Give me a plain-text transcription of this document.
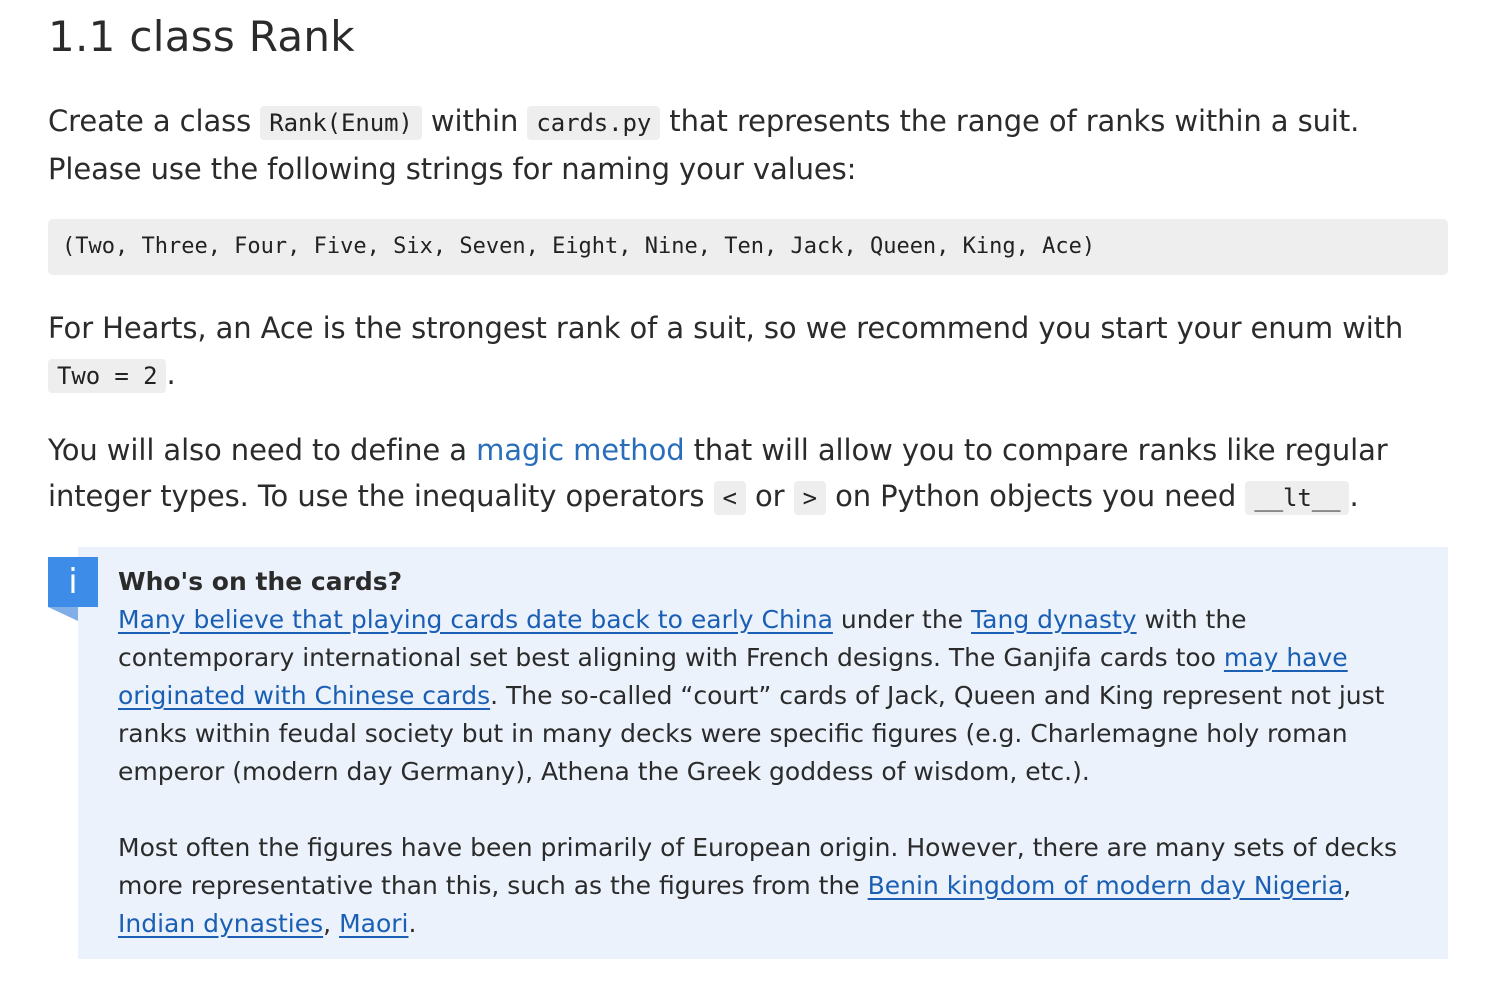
1.1 class Rank

Create a class Rank(Enum) within cards.py that represents the range of ranks within a suit. Please use the following strings for naming your values:

(Two, Three, Four, Five, Six, Seven, Eight, Nine, Ten, Jack, Queen, King, Ace)

For Hearts, an Ace is the strongest rank of a suit, so we recommend you start your enum with Two = 2 .

You will also need to define a magic method that will allow you to compare ranks like regular integer types. To use the inequality operators < or > on Python objects you need __lt__ .

i	Who's on the cards?

Many believe that playing cards date back to early China under the Tang dynasty with the contemporary international set best aligning with French designs. The Ganjifa cards too may have originated with Chinese cards. The so-called “court” cards of Jack, Queen and King represent not just ranks within feudal society but in many decks were specific figures (e.g. Charlemagne holy roman emperor (modern day Germany), Athena the Greek goddess of wisdom, etc.).

Most often the figures have been primarily of European origin. However, there are many sets of decks more representative than this, such as the figures from the Benin kingdom of modern day Nigeria, Indian dynasties, Maori.
